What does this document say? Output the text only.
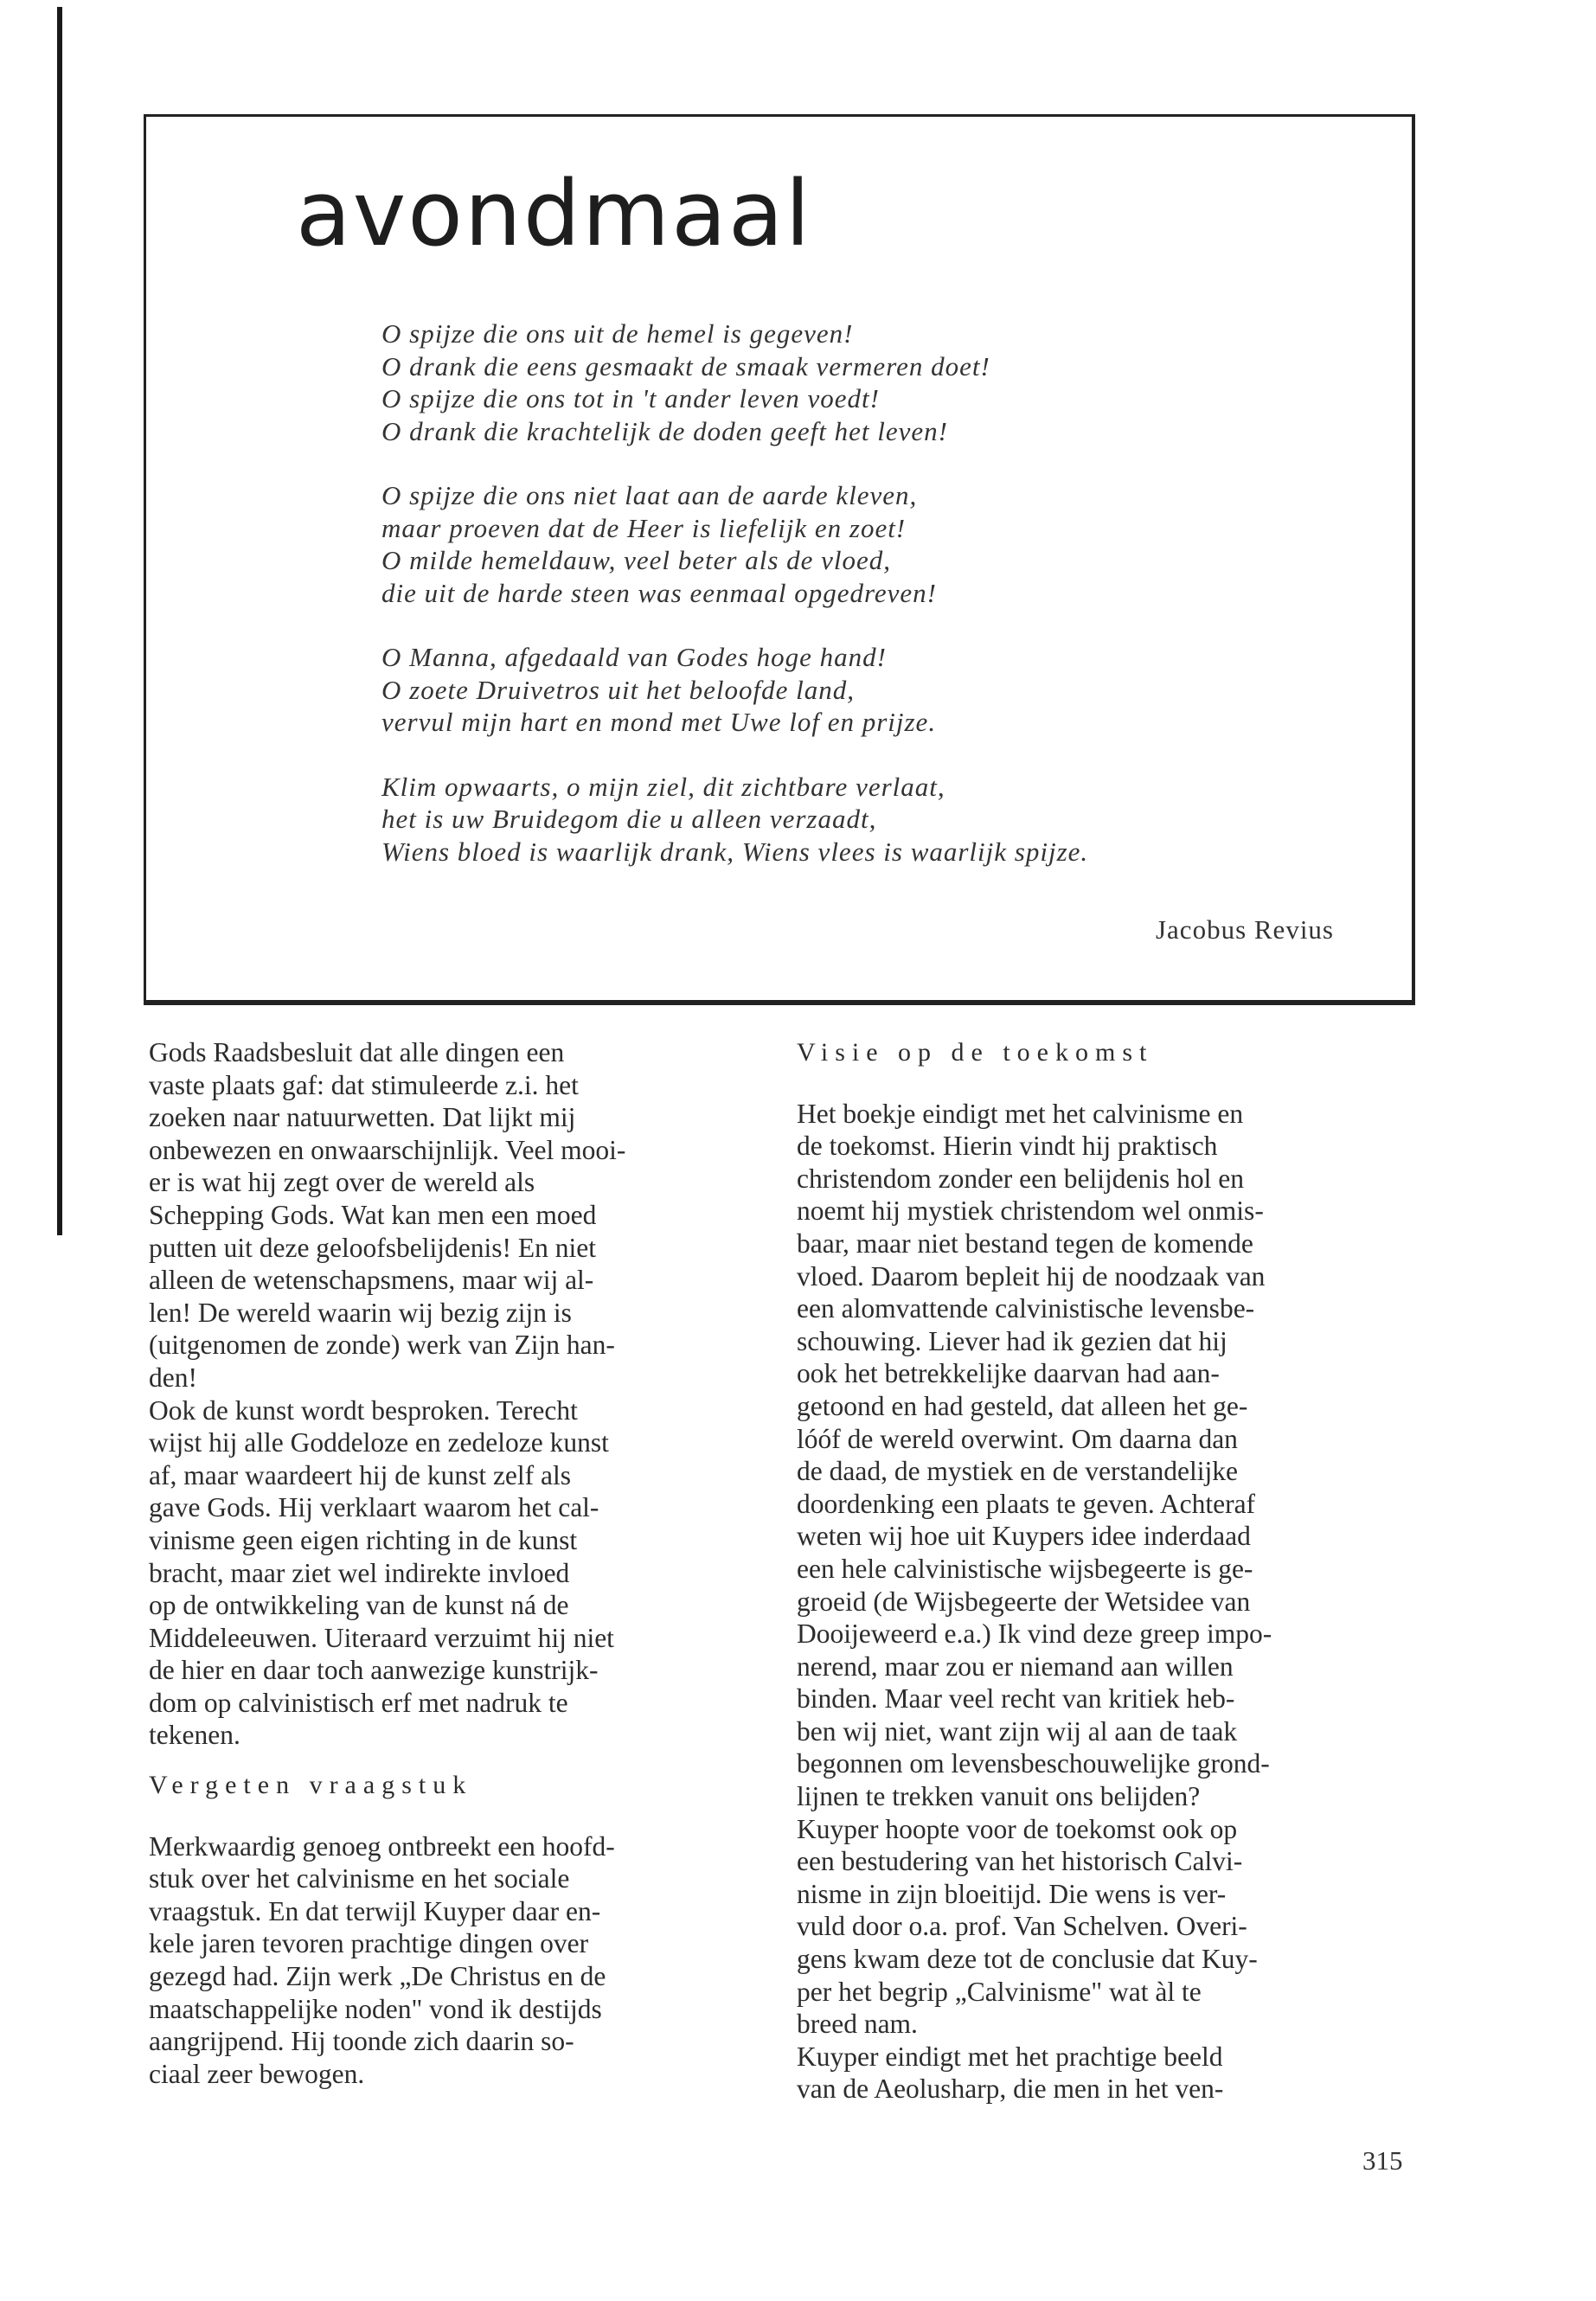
avondmaal
O spijze die ons uit de hemel is gegeven!
O drank die eens gesmaakt de smaak vermeren doet!
O spijze die ons tot in 't ander leven voedt!
O drank die krachtelijk de doden geeft het leven!
O spijze die ons niet laat aan de aarde kleven,
maar proeven dat de Heer is liefelijk en zoet!
O milde hemeldauw, veel beter als de vloed,
die uit de harde steen was eenmaal opgedreven!
O Manna, afgedaald van Godes hoge hand!
O zoete Druivetros uit het beloofde land,
vervul mijn hart en mond met Uwe lof en prijze.
Klim opwaarts, o mijn ziel, dit zichtbare verlaat,
het is uw Bruidegom die u alleen verzaadt,
Wiens bloed is waarlijk drank, Wiens vlees is waarlijk spijze.
Jacobus Revius

Gods Raadsbesluit dat alle dingen een
vaste plaats gaf: dat stimuleerde z.i. het
zoeken naar natuurwetten. Dat lijkt mij
onbewezen en onwaarschijnlijk. Veel mooi-
er is wat hij zegt over de wereld als
Schepping Gods. Wat kan men een moed
putten uit deze geloofsbelijdenis! En niet
alleen de wetenschapsmens, maar wij al-
len! De wereld waarin wij bezig zijn is
(uitgenomen de zonde) werk van Zijn han-
den!

Ook de kunst wordt besproken. Terecht
wijst hij alle Goddeloze en zedeloze kunst
af, maar waardeert hij de kunst zelf als
gave Gods. Hij verklaart waarom het cal-
vinisme geen eigen richting in de kunst
bracht, maar ziet wel indirekte invloed
op de ontwikkeling van de kunst ná de
Middeleeuwen. Uiteraard verzuimt hij niet
de hier en daar toch aanwezige kunstrijk-
dom op calvinistisch erf met nadruk te
tekenen.

Vergeten vraagstuk

Merkwaardig genoeg ontbreekt een hoofd-
stuk over het calvinisme en het sociale
vraagstuk. En dat terwijl Kuyper daar en-
kele jaren tevoren prachtige dingen over
gezegd had. Zijn werk „De Christus en de
maatschappelijke noden" vond ik destijds
aangrijpend. Hij toonde zich daarin so-
ciaal zeer bewogen.

Visie op de toekomst

Het boekje eindigt met het calvinisme en
de toekomst. Hierin vindt hij praktisch
christendom zonder een belijdenis hol en
noemt hij mystiek christendom wel onmis-
baar, maar niet bestand tegen de komende
vloed. Daarom bepleit hij de noodzaak van
een alomvattende calvinistische levensbe-
schouwing. Liever had ik gezien dat hij
ook het betrekkelijke daarvan had aan-
getoond en had gesteld, dat alleen het ge-
lóóf de wereld overwint. Om daarna dan
de daad, de mystiek en de verstandelijke
doordenking een plaats te geven. Achteraf
weten wij hoe uit Kuypers idee inderdaad
een hele calvinistische wijsbegeerte is ge-
groeid (de Wijsbegeerte der Wetsidee van
Dooijeweerd e.a.) Ik vind deze greep impo-
nerend, maar zou er niemand aan willen
binden. Maar veel recht van kritiek heb-
ben wij niet, want zijn wij al aan de taak
begonnen om levensbeschouwelijke grond-
lijnen te trekken vanuit ons belijden?

Kuyper hoopte voor de toekomst ook op
een bestudering van het historisch Calvi-
nisme in zijn bloeitijd. Die wens is ver-
vuld door o.a. prof. Van Schelven. Overi-
gens kwam deze tot de conclusie dat Kuy-
per het begrip „Calvinisme" wat àl te
breed nam.

Kuyper eindigt met het prachtige beeld
van de Aeolusharp, die men in het ven-

315
